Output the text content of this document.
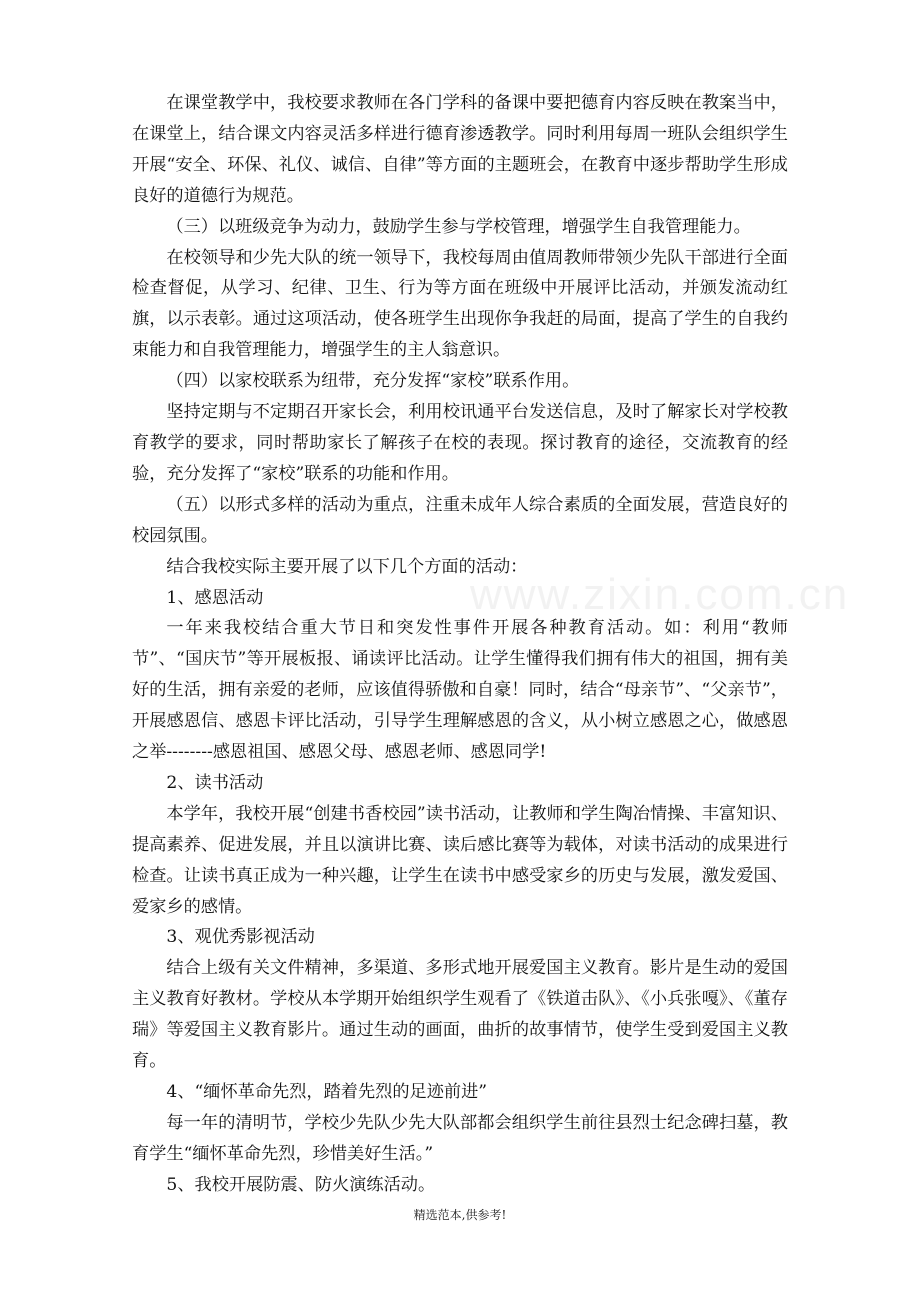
在课堂教学中，我校要求教师在各门学科的备课中要把德育内容反映在教案当中，在课堂上，结合课文内容灵活多样进行德育渗透教学。同时利用每周一班队会组织学生开展“安全、环保、礼仪、诚信、自律”等方面的主题班会，在教育中逐步帮助学生形成良好的道德行为规范。

（三）以班级竞争为动力，鼓励学生参与学校管理，增强学生自我管理能力。

在校领导和少先大队的统一领导下，我校每周由值周教师带领少先队干部进行全面检查督促，从学习、纪律、卫生、行为等方面在班级中开展评比活动，并颁发流动红旗，以示表彰。通过这项活动，使各班学生出现你争我赶的局面，提高了学生的自我约束能力和自我管理能力，增强学生的主人翁意识。

（四）以家校联系为纽带，充分发挥“家校”联系作用。

坚持定期与不定期召开家长会，利用校讯通平台发送信息，及时了解家长对学校教育教学的要求，同时帮助家长了解孩子在校的表现。探讨教育的途径，交流教育的经验，充分发挥了“家校”联系的功能和作用。

（五）以形式多样的活动为重点，注重未成年人综合素质的全面发展，营造良好的校园氛围。

结合我校实际主要开展了以下几个方面的活动：

1、感恩活动

一年来我校结合重大节日和突发性事件开展各种教育活动。如：利用“教师节”、“国庆节”等开展板报、诵读评比活动。让学生懂得我们拥有伟大的祖国，拥有美好的生活，拥有亲爱的老师，应该值得骄傲和自豪！同时，结合“母亲节”、“父亲节”，开展感恩信、感恩卡评比活动，引导学生理解感恩的含义，从小树立感恩之心，做感恩之举--------感恩祖国、感恩父母、感恩老师、感恩同学!

2、读书活动

本学年，我校开展“创建书香校园”读书活动，让教师和学生陶冶情操、丰富知识、提高素养、促进发展，并且以演讲比赛、读后感比赛等为载体，对读书活动的成果进行检查。让读书真正成为一种兴趣，让学生在读书中感受家乡的历史与发展，激发爱国、爱家乡的感情。

3、观优秀影视活动

结合上级有关文件精神，多渠道、多形式地开展爱国主义教育。影片是生动的爱国主义教育好教材。学校从本学期开始组织学生观看了《铁道击队》、《小兵张嘎》、《董存瑞》等爱国主义教育影片。通过生动的画面，曲折的故事情节，使学生受到爱国主义教育。

4、“缅怀革命先烈，踏着先烈的足迹前进”

每一年的清明节，学校少先队少先大队部都会组织学生前往县烈士纪念碑扫墓，教育学生“缅怀革命先烈，珍惜美好生活。”

5、我校开展防震、防火演练活动。

www.zixin.com.cn
精选范本,供参考!
